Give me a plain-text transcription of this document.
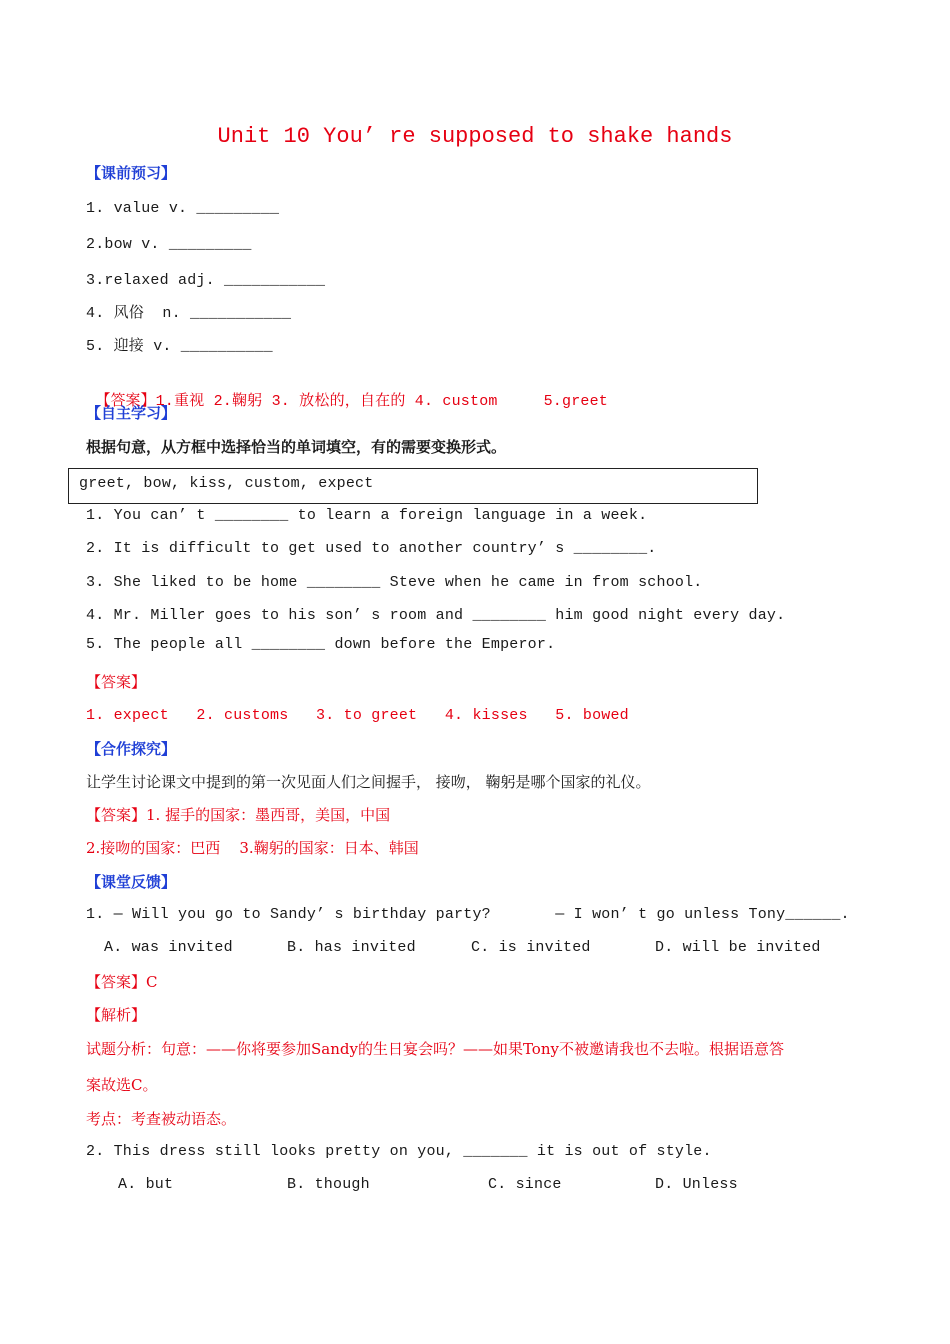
Unit 10 You’ re supposed to shake hands
【课前预习】
1. value v. _________
2.bow v. _________
3.relaxed adj. ___________
4. 风俗  n. ___________
5. 迎接 v. __________

【答案】1.重视 2.鞠躬 3. 放松的，自在的 4. custom     5.greet

【自主学习】
根据句意，从方框中选择恰当的单词填空，有的需要变换形式。
greet, bow, kiss, custom, expect
1. You can’ t ________ to learn a foreign language in a week.
2. It is difficult to get used to another country’ s ________.
3. She liked to be home ________ Steve when he came in from school.
4. Mr. Miller goes to his son’ s room and ________ him good night every day.
5. The people all ________ down before the Emperor.
【答案】
1. expect   2. customs   3. to greet   4. kisses   5. bowed
【合作探究】
让学生讨论课文中提到的第一次见面人们之间握手， 接吻， 鞠躬是哪个国家的礼仪。
【答案】1. 握手的国家：墨西哥，美国，中国
2.接吻的国家：巴西    3.鞠躬的国家：日本、韩国
【课堂反馈】
1. — Will you go to Sandy’ s birthday party?       — I won’ t go unless Tony______.
A. was invited	B. has invited	C. is invited	D. will be invited
【答案】C
【解析】
试题分析：句意：——你将要参加Sandy的生日宴会吗？——如果Tony不被邀请我也不去啦。根据语意答
案故选C。
考点：考查被动语态。
2. This dress still looks pretty on you, _______ it is out of style.
A. but	B. though	C. since	D. Unless
